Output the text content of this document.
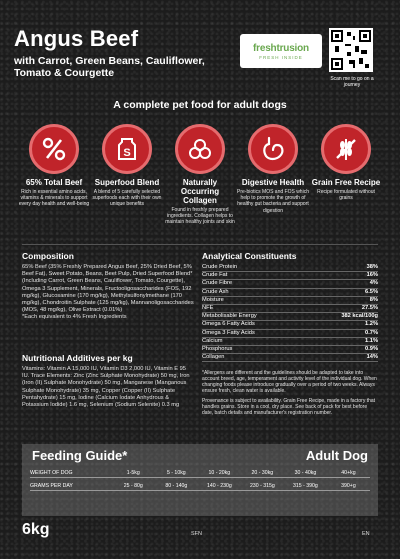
Angus Beef
with Carrot, Green Beans, Cauliflower,
Tomato & Courgette
freshtrusion
FRESH INSIDE
Scan me to go on a journey
A complete pet food for adult dogs
65% Total Beef
Rich in essential amino acids, vitamins & minerals to support every day health and well-being
S
Superfood Blend
A blend of 5 carefully selected superfoods each with their own unique benefits
Naturally Occurring Collagen
Found in freshly prepared ingredients. Collagen helps to maintain healthy joints and skin
Digestive Health
Pre-biotics MOS and FOS which help to promote the growth of healthy gut bacteria and support digestion
Grain Free Recipe
Recipe formulated without grains
Composition
65% Beef (35% Freshly Prepared Angus Beef, 25% Dried Beef, 5% Beef Fat), Sweet Potato, Beans, Beet Pulp, Dried Superfood Blend* (Including Carrot, Green Beans, Cauliflower, Tomato, Courgette), Omega 3 Supplement, Minerals, Fructooligosaccharides (FOS, 192 mg/kg), Glucosamine (170 mg/kg), Methylsulfonylmethane (170 mg/kg), Chondroitin Sulphate (125 mg/kg), Mannanoligosaccharides (MOS, 48 mg/kg), Olive Extract (0.01%)
*Each equivalent to 4% Fresh Ingredients
Nutritional Additives per kg
Vitamins: Vitamin A 15,000 IU, Vitamin D3 2,000 IU, Vitamin E 95 IU. Trace Elements: Zinc (Zinc Sulphate Monohydrate) 50 mg, Iron (Iron (II) Sulphate Monohydrate) 50 mg, Manganese (Manganous Sulphate Monohydrate) 35 mg, Copper (Copper (II) Sulphate Pentahydrate) 15 mg, Iodine (Calcium Iodate Anhydrous & Potassium Iodide) 1.6 mg, Selenium (Sodium Selenite) 0.3 mg
Analytical Constituents
Crude Protein	38%
Crude Fat	16%
Crude Fibre	4%
Crude Ash	6.5%
Moisture	8%
NFE	27.5%
Metabolisable Energy	382 kcal/100g
Omega 6 Fatty Acids	1.2%
Omega 3 Fatty Acids	0.7%
Calcium	1.1%
Phosphorus	0.9%
Collagen	14%
*Allergens are different and the guidelines should be adapted to take into account breed, age, temperament and activity level of the individual dog. When changing foods please introduce gradually over a period of two weeks. Always ensure fresh, clean water is available.
Provenance is subject to availability. Grain Free Recipe, made in a factory that handles grains. Store in a cool, dry place. See back of pack for best before date, batch details and manufacturer's registration number.
Feeding Guide*	Adult Dog
WEIGHT OF DOG	1-5kg	5 - 10kg	10 - 20kg	20 - 30kg	30 - 40kg	40+kg
GRAMS PER DAY	25 - 80g	80 - 140g	140 - 230g	230 - 315g	315 - 390g	390+g
6kg	SFN	EN
